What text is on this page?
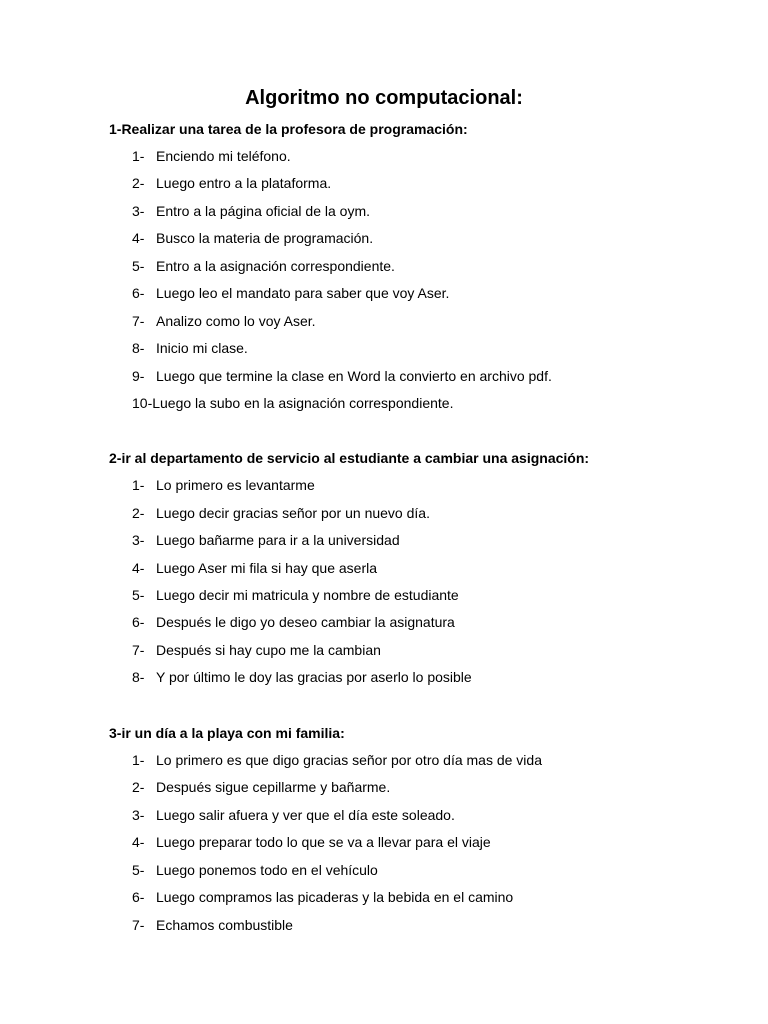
Algoritmo no computacional:
1-Realizar una tarea de la profesora de programación:
1- Enciendo mi teléfono.
2- Luego entro a la plataforma.
3- Entro a la página oficial de la oym.
4- Busco la materia de programación.
5- Entro a la asignación correspondiente.
6- Luego leo el mandato para saber que voy Aser.
7- Analizo como lo voy Aser.
8- Inicio mi clase.
9- Luego que termine la clase en Word la convierto en archivo pdf.
10- Luego la subo en la asignación correspondiente.
2-ir al departamento de servicio al estudiante a cambiar una asignación:
1- Lo primero es levantarme
2- Luego decir gracias señor por un nuevo día.
3- Luego bañarme para ir a la universidad
4- Luego Aser mi fila si hay que aserla
5- Luego decir mi matricula y nombre de estudiante
6- Después le digo yo deseo cambiar la asignatura
7- Después si hay cupo me la cambian
8- Y por último le doy las gracias por aserlo lo posible
3-ir un día a la playa con mi familia:
1- Lo primero es que digo gracias señor por otro día mas de vida
2- Después sigue cepillarme y bañarme.
3- Luego salir afuera y ver que el día este soleado.
4- Luego preparar todo lo que se va a llevar para el viaje
5- Luego ponemos todo en el vehículo
6- Luego compramos las picaderas y la bebida en el camino
7- Echamos combustible
